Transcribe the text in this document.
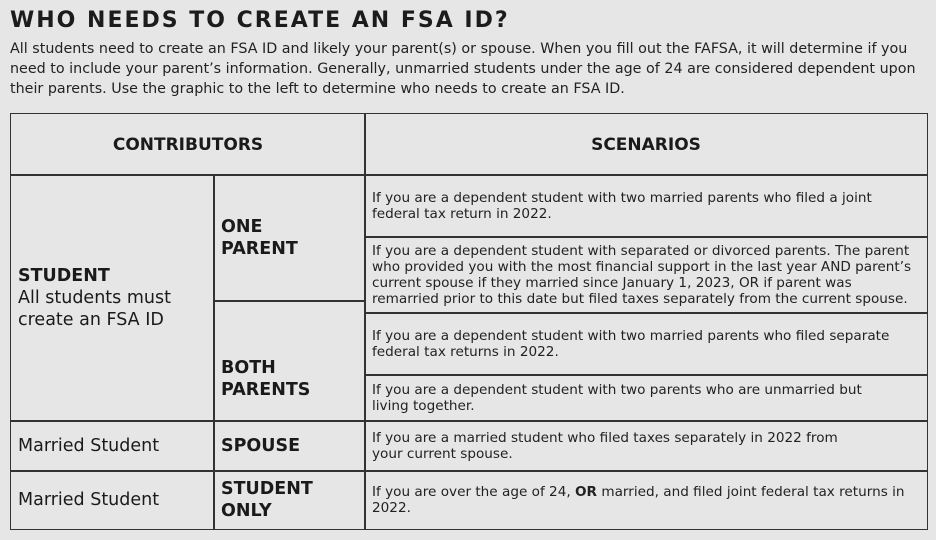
WHO NEEDS TO CREATE AN FSA ID?
All students need to create an FSA ID and likely your parent(s) or spouse. When you fill out the FAFSA, it will determine if you need to include your parent’s information. Generally, unmarried students under the age of 24 are considered dependent upon their parents. Use the graphic to the left to determine who needs to create an FSA ID.
CONTRIBUTORS	SCENARIOS
STUDENT
All students must create an FSA ID
ONE
PARENT
BOTH
PARENTS
Married Student	SPOUSE
Married Student
STUDENT
ONLY
If you are a dependent student with two married parents who filed a joint federal tax return in 2022.
If you are a dependent student with separated or divorced parents. The parent who provided you with the most financial support in the last year AND parent’s current spouse if they married since January 1, 2023, OR if parent was remarried prior to this date but filed taxes separately from the current spouse.
If you are a dependent student with two married parents who filed separate federal tax returns in 2022.
If you are a dependent student with two parents who are unmarried but living together.
If you are a married student who filed taxes separately in 2022 from your current spouse.
If you are over the age of 24, OR married, and filed joint federal tax returns in 2022.
